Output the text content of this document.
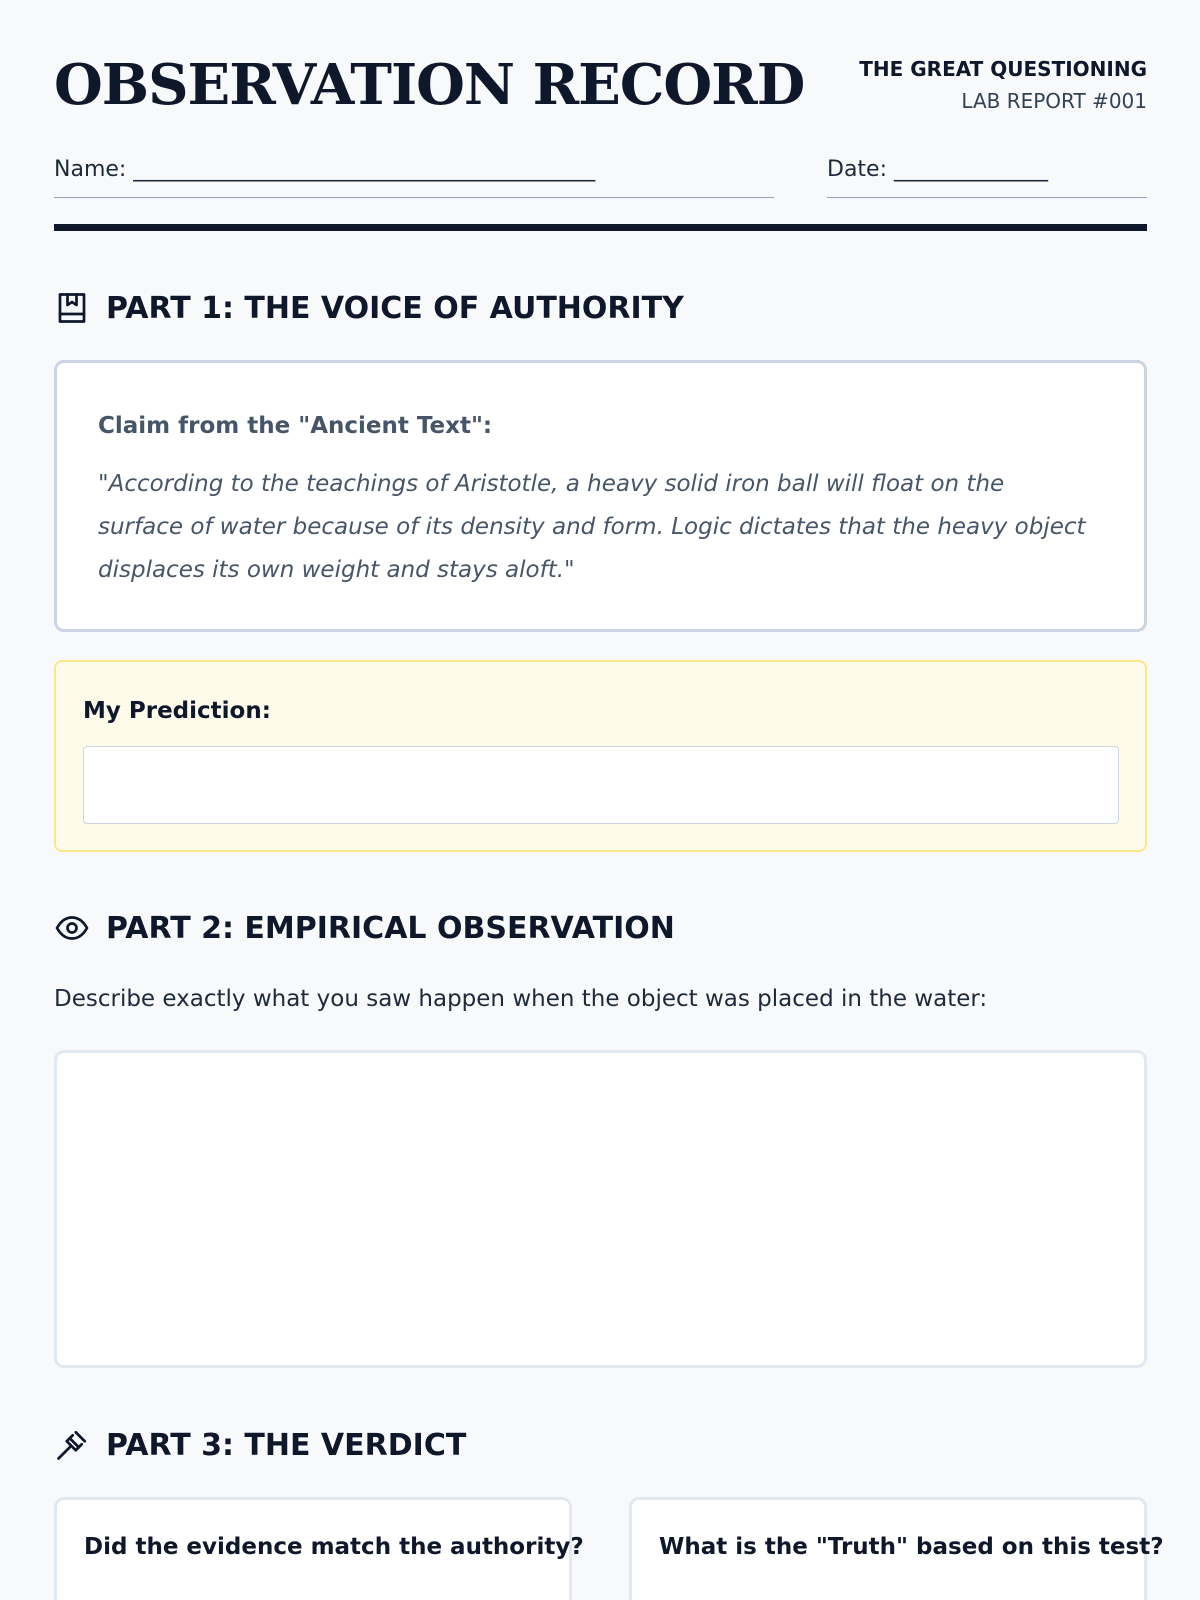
OBSERVATION RECORD	THE GREAT QUESTIONING
LAB REPORT #001
Name: __________________________________________	Date: ______________
PART 1: THE VOICE OF AUTHORITY
Claim from the "Ancient Text":
"According to the teachings of Aristotle, a heavy solid iron ball will float on the surface of water because of its density and form. Logic dictates that the heavy object displaces its own weight and stays aloft."
My Prediction:
PART 2: EMPIRICAL OBSERVATION
Describe exactly what you saw happen when the object was placed in the water:
PART 3: THE VERDICT
Did the evidence match the authority?	What is the "Truth" based on this test?
